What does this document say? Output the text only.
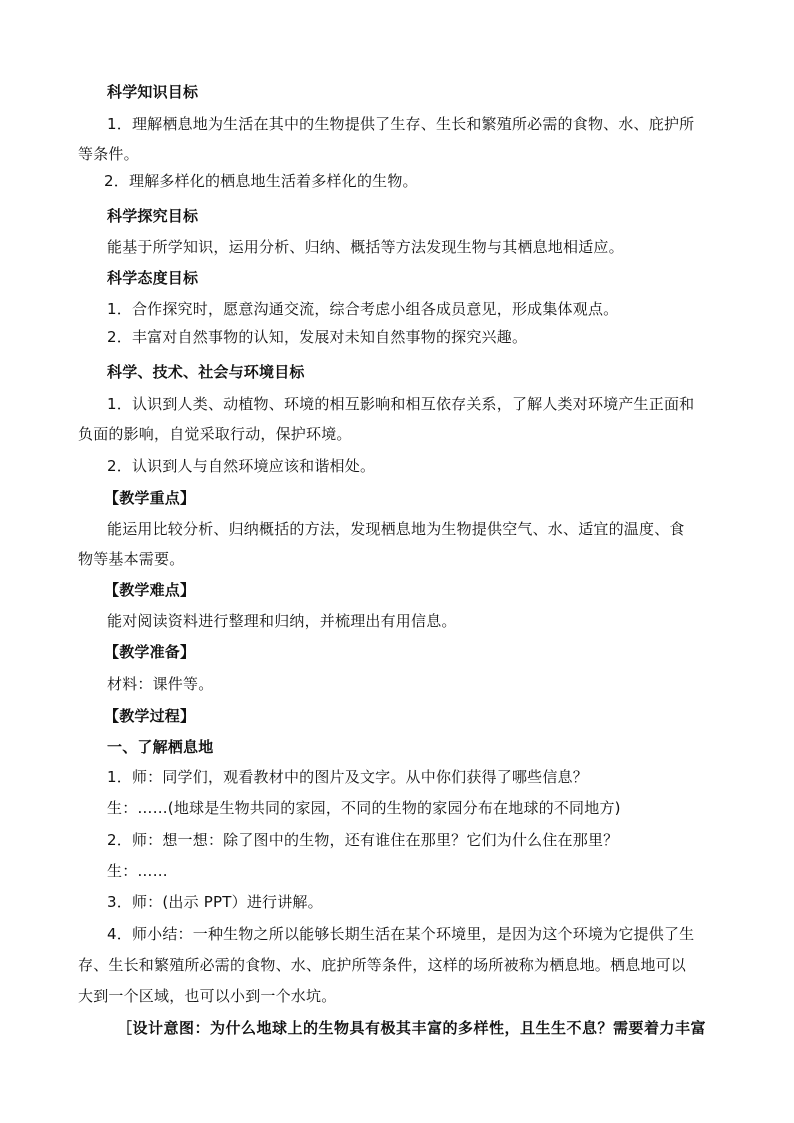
科学知识目标
1．理解栖息地为生活在其中的生物提供了生存、生长和繁殖所必需的食物、水、庇护所
等条件。
2．理解多样化的栖息地生活着多样化的生物。
科学探究目标
能基于所学知识，运用分析、归纳、概括等方法发现生物与其栖息地相适应。
科学态度目标
1．合作探究时，愿意沟通交流，综合考虑小组各成员意见，形成集体观点。
2．丰富对自然事物的认知，发展对未知自然事物的探究兴趣。
科学、技术、社会与环境目标
1．认识到人类、动植物、环境的相互影响和相互依存关系，了解人类对环境产生正面和
负面的影响，自觉采取行动，保护环境。
2．认识到人与自然环境应该和谐相处。
【教学重点】
能运用比较分析、归纳概括的方法，发现栖息地为生物提供空气、水、适宜的温度、食
物等基本需要。
【教学难点】
能对阅读资料进行整理和归纳，并梳理出有用信息。
【教学准备】
材料：课件等。
【教学过程】
一、了解栖息地
1．师：同学们，观看教材中的图片及文字。从中你们获得了哪些信息？
生：……(地球是生物共同的家园，不同的生物的家园分布在地球的不同地方)
2．师：想一想：除了图中的生物，还有谁住在那里？它们为什么住在那里？
生：……
3．师：(出示 PPT）进行讲解。
4．师小结：一种生物之所以能够长期生活在某个环境里，是因为这个环境为它提供了生
存、生长和繁殖所必需的食物、水、庇护所等条件，这样的场所被称为栖息地。栖息地可以
大到一个区域，也可以小到一个水坑。
［设计意图：为什么地球上的生物具有极其丰富的多样性，且生生不息？需要着力丰富
